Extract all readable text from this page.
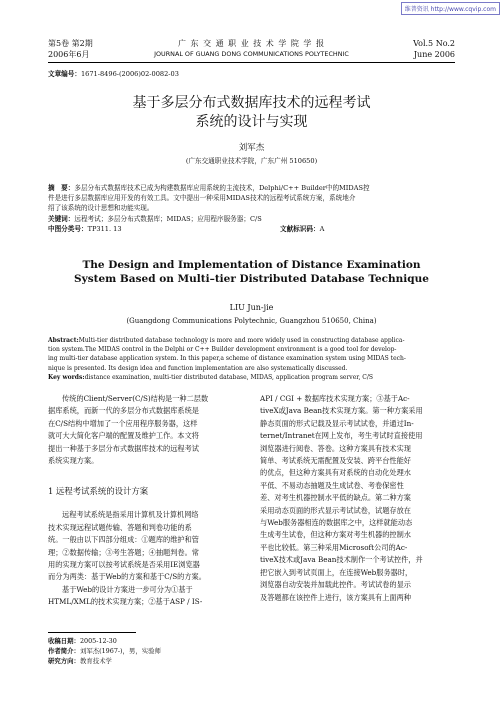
维普资讯 http://www.cqvip.com
第5卷 第2期
2006年6月
广 东 交 通 职 业 技 术 学 院 学 报
JOURNAL OF GUANG DONG COMMUNICATIONS POLYTECHNIC
Vol.5 No.2
June 2006
文章编号：1671-8496-(2006)02-0082-03
基于多层分布式数据库技术的远程考试
系统的设计与实现
刘军杰
(广东交通职业技术学院，广东广州 510650)
摘　要：多层分布式数据库技术已成为构建数据库应用系统的主流技术，Delphi/C++ Builder中的MIDAS控
件是进行多层数据库应用开发的有效工具。文中提出一种采用MIDAS技术的远程考试系统方案，系统地介
绍了该系统的设计思想和功能实现。
关键词：远程考试；多层分布式数据库；MIDAS；应用程序服务器；C/S
中图分类号：TP311. 13	文献标识码：A
The Design and Implementation of Distance Examination
System Based on Multi–tier Distributed Database Technique
LIU Jun-jie
(Guangdong Communications Polytechnic, Guangzhou 510650, China)
Abstract:Multi-tier distributed database technology is more and more widely used in constructing database applica-
tion system.The MIDAS control in the Delphi or C++ Builder development environment is a good tool for develop-
ing multi-tier database application system. In this paper,a scheme of distance examination system using MIDAS tech-
nique is presented. Its design idea and function implementation are also systematically discussed.
Key words:distance examination, multi-tier distributed database, MIDAS, application program server, C/S

传统的Client/Server(C/S)结构是一种二层数
据库系统，而新一代的多层分布式数据库系统是
在C/S结构中增加了一个应用程序服务器，这样
就可大大简化客户端的配置及维护工作。本文将
提出一种基于多层分布式数据库技术的远程考试
系统实现方案。

1 远程考试系统的设计方案

远程考试系统是指采用计算机及计算机网络
技术实现远程试题传输、答题和判卷功能的系
统。一般由以下四部分组成：①题库的维护和管
理；②数据传输；③考生答题；④抽题判卷。常
用的实现方案可以按考试系统是否采用IE浏览器
而分为两类：基于Web的方案和基于C/S的方案。
基于Web的设计方案进一步可分为①基于
HTML/XML的技术实现方案；②基于ASP / IS-

收稿日期：2005-12-30
作者简介：刘军杰(1967-)，男，实验师
研究方向：教育技术学
API / CGI + 数据库技术实现方案；③基于Ac-
tiveX或Java Bean技术实现方案。第一种方案采用
静态页面的形式记载及显示考试试卷，并通过In-
ternet/Intranet在网上发布，考生考试时直接使用
浏览器进行阅卷、答卷。这种方案具有技术实现
简单、考试系统无需配置及安装、跨平台性能好
的优点，但这种方案具有对系统的自动化处理水
平低、不易动态抽题及生成试卷、考卷保密性
差、对考生机器控制水平低的缺点。第二种方案
采用动态页面的形式显示考试试卷，试题存放在
与Web服务器相连的数据库之中，这样就能动态
生成考生试卷，但这种方案对考生机器的控制水
平也比较低。第三种采用Microsoft公司的Ac-
tiveX技术或Java Bean技术制作一个考试控件，并
把它嵌入到考试页面上，在连接Web服务器时，
浏览器自动安装并加载此控件。考试试卷的显示
及答题都在该控件上进行，该方案具有上面两种
